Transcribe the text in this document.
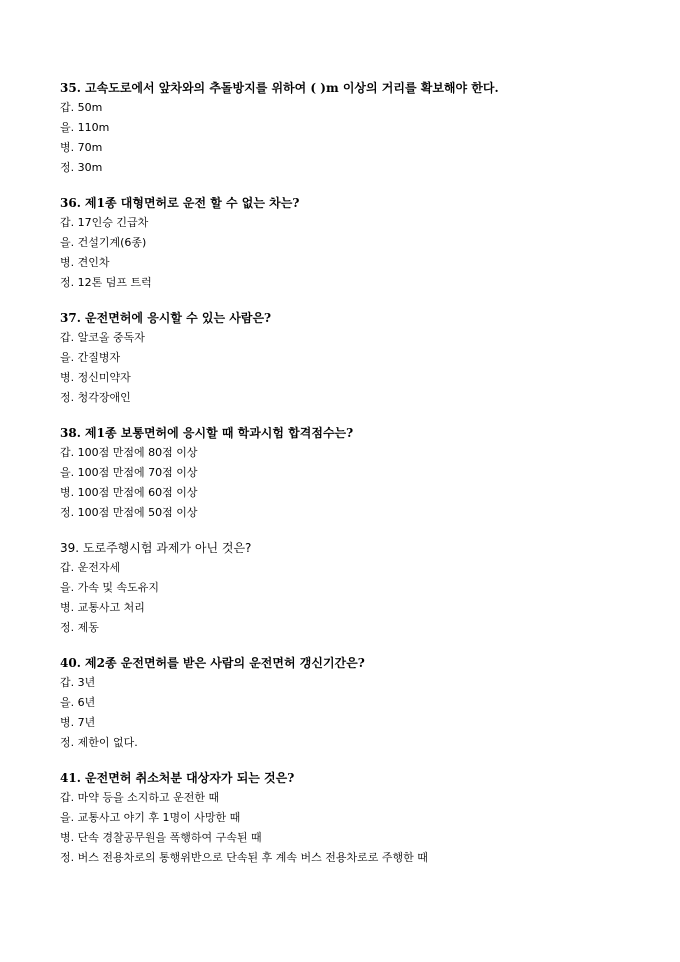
35. 고속도로에서 앞차와의 추돌방지를 위하여 ( )m 이상의 거리를 확보해야 한다.
갑. 50m
을. 110m
병. 70m
정. 30m
36. 제1종 대형면허로 운전 할 수 없는 차는?
갑. 17인승 긴급차
을. 건설기계(6종)
병. 견인차
정. 12톤 덤프 트럭
37. 운전면허에 응시할 수 있는 사람은?
갑. 알코올 중독자
을. 간질병자
병. 정신미약자
정. 청각장애인
38. 제1종 보통면허에 응시할 때 학과시험 합격점수는?
갑. 100점 만점에 80점 이상
을. 100점 만점에 70점 이상
병. 100점 만점에 60점 이상
정. 100점 만점에 50점 이상
39. 도로주행시험 과제가 아닌 것은?
갑. 운전자세
을. 가속 및 속도유지
병. 교통사고 처리
정. 제동
40. 제2종 운전면허를 받은 사람의 운전면허 갱신기간은?
갑. 3년
을. 6년
병. 7년
정. 제한이 없다.
41. 운전면허 취소처분 대상자가 되는 것은?
갑. 마약 등을 소지하고 운전한 때
을. 교통사고 야기 후 1명이 사망한 때
병. 단속 경찰공무원을 폭행하여 구속된 때
정. 버스 전용차로의 통행위반으로 단속된 후 계속 버스 전용차로로 주행한 때
